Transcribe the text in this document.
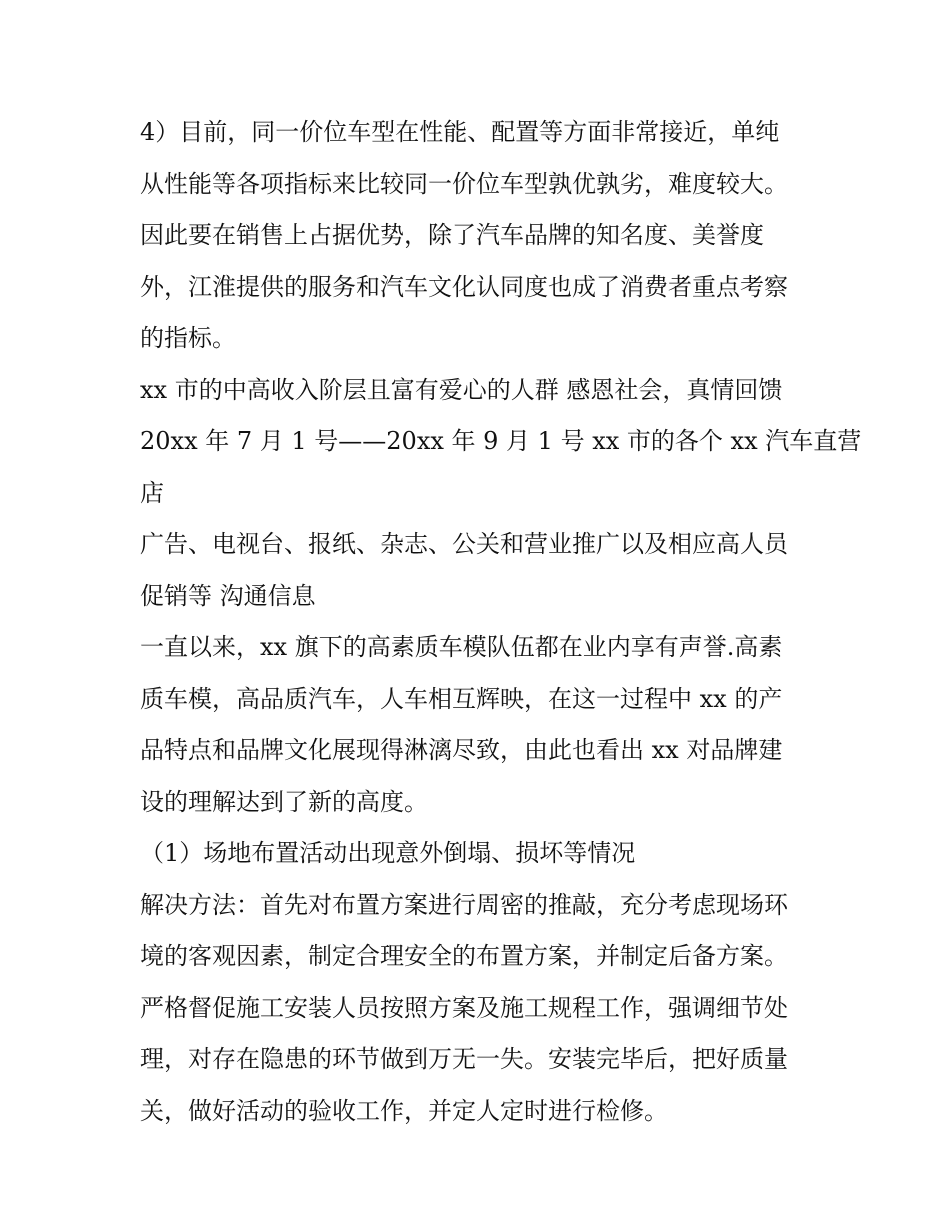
4）目前，同一价位车型在性能、配置等方面非常接近，单纯
从性能等各项指标来比较同一价位车型孰优孰劣，难度较大。
因此要在销售上占据优势，除了汽车品牌的知名度、美誉度
外，江淮提供的服务和汽车文化认同度也成了消费者重点考察
的指标。
xx 市的中高收入阶层且富有爱心的人群 感恩社会，真情回馈
20xx 年 7 月 1 号——20xx 年 9 月 1 号 xx 市的各个 xx 汽车直营
店
广告、电视台、报纸、杂志、公关和营业推广以及相应高人员
促销等 沟通信息
一直以来，xx 旗下的高素质车模队伍都在业内享有声誉.高素
质车模，高品质汽车，人车相互辉映，在这一过程中 xx 的产
品特点和品牌文化展现得淋漓尽致，由此也看出 xx 对品牌建
设的理解达到了新的高度。
（1）场地布置活动出现意外倒塌、损坏等情况
解决方法：首先对布置方案进行周密的推敲，充分考虑现场环
境的客观因素，制定合理安全的布置方案，并制定后备方案。
严格督促施工安装人员按照方案及施工规程工作，强调细节处
理，对存在隐患的环节做到万无一失。安装完毕后，把好质量
关，做好活动的验收工作，并定人定时进行检修。
